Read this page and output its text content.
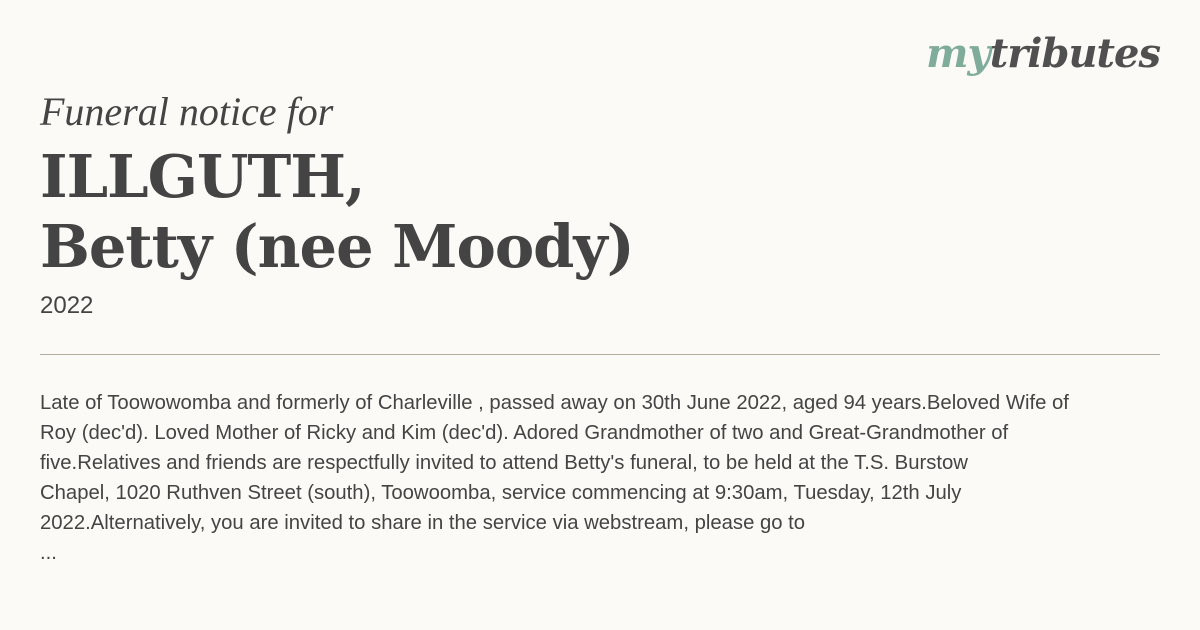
mytributes
Funeral notice for
ILLGUTH,
Betty (nee Moody)
2022
Late of Toowowomba and formerly of Charleville , passed away on 30th June 2022, aged 94 years.Beloved Wife of
Roy (dec'd). Loved Mother of Ricky and Kim (dec'd). Adored Grandmother of two and Great-Grandmother of
five.Relatives and friends are respectfully invited to attend Betty's funeral, to be held at the T.S. Burstow
Chapel, 1020 Ruthven Street (south), Toowoomba, service commencing at 9:30am, Tuesday, 12th July
2022.Alternatively, you are invited to share in the service via webstream, please go to
...
